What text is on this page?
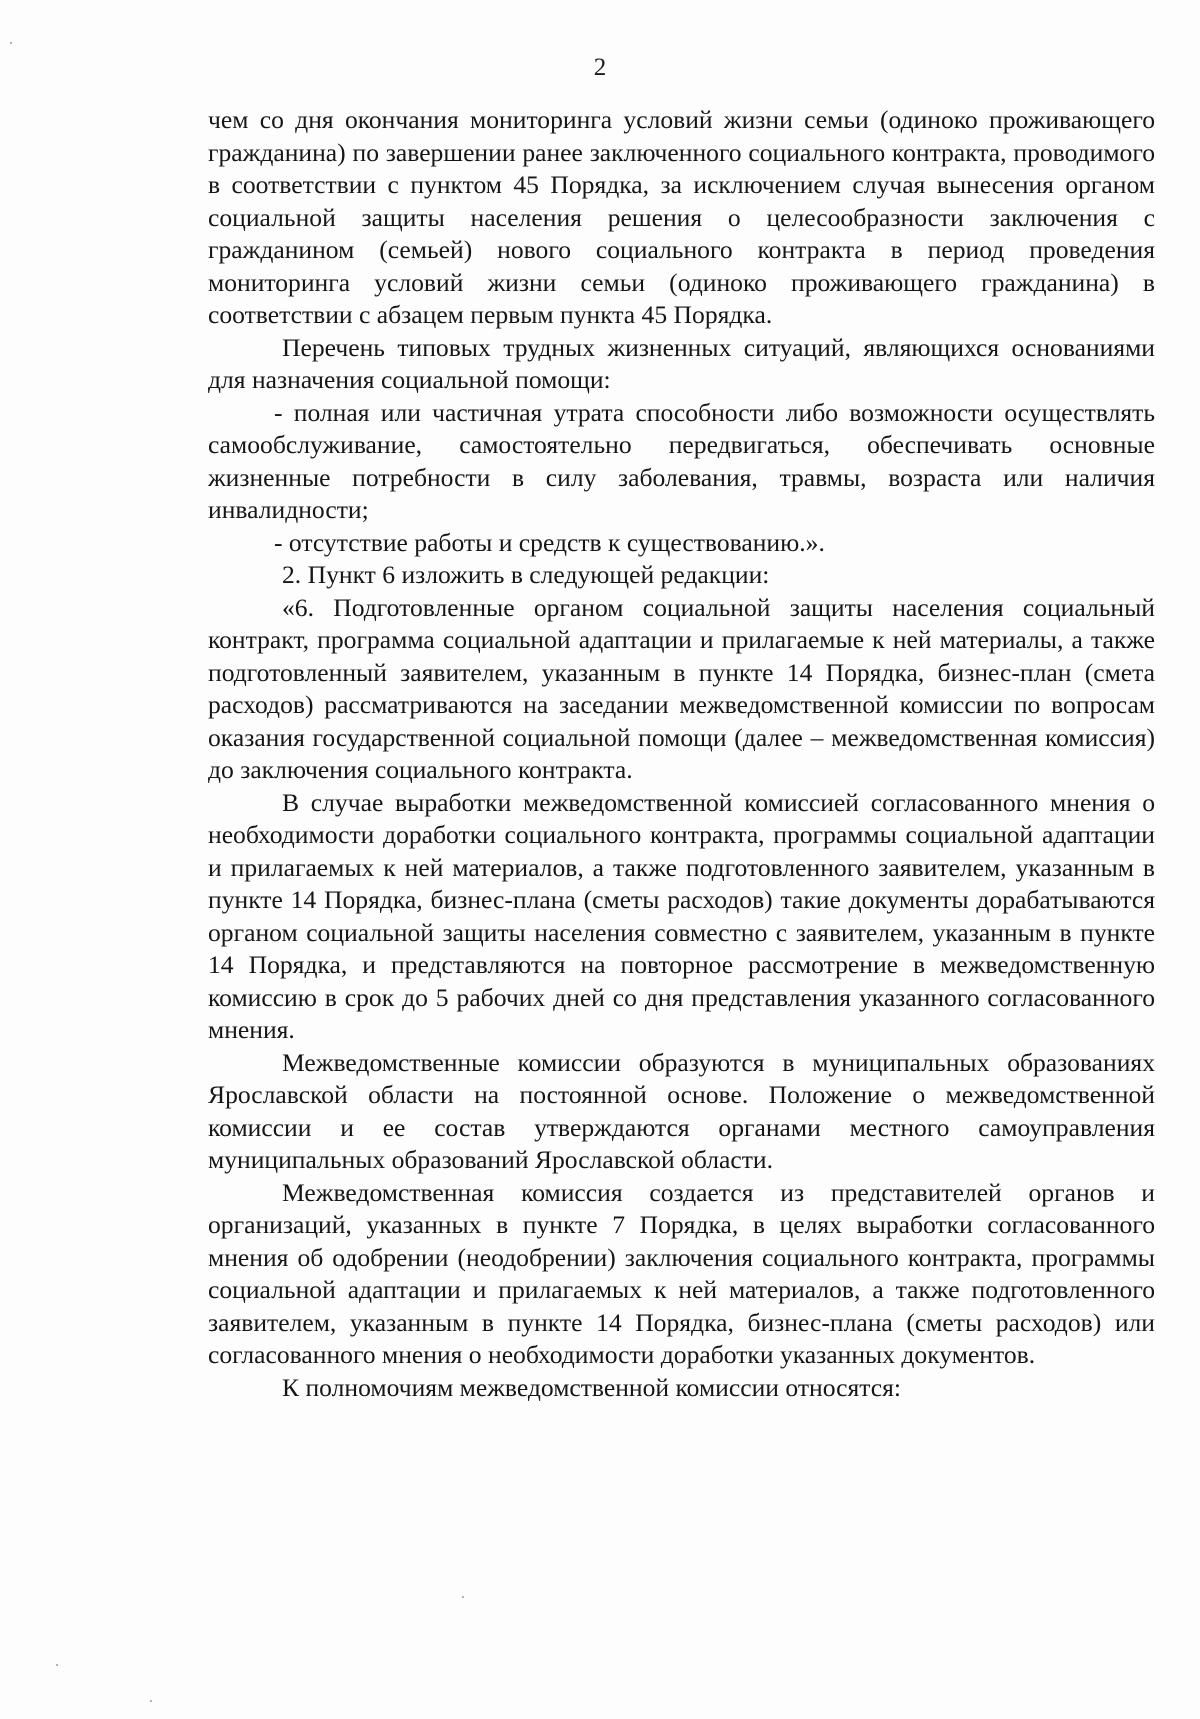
2

чем со дня окончания мониторинга условий жизни семьи (одиноко проживающего гражданина) по завершении ранее заключенного социального контракта, проводимого в соответствии с пунктом 45 Порядка, за исключением случая вынесения органом социальной защиты населения решения о целесообразности заключения с гражданином (семьей) нового социального контракта в период проведения мониторинга условий жизни семьи (одиноко проживающего гражданина) в соответствии с абзацем первым пункта 45 Порядка.

Перечень типовых трудных жизненных ситуаций, являющихся основаниями для назначения социальной помощи:

- полная или частичная утрата способности либо возможности осуществлять самообслуживание, самостоятельно передвигаться, обеспечивать основные жизненные потребности в силу заболевания, травмы, возраста или наличия инвалидности;

- отсутствие работы и средств к существованию.».

2. Пункт 6 изложить в следующей редакции:

«6. Подготовленные органом социальной защиты населения социальный контракт, программа социальной адаптации и прилагаемые к ней материалы, а также подготовленный заявителем, указанным в пункте 14 Порядка, бизнес-план (смета расходов) рассматриваются на заседании межведомственной комиссии по вопросам оказания государственной социальной помощи (далее – межведомственная комиссия) до заключения социального контракта.

В случае выработки межведомственной комиссией согласованного мнения о необходимости доработки социального контракта, программы социальной адаптации и прилагаемых к ней материалов, а также подготовленного заявителем, указанным в пункте 14 Порядка, бизнес-плана (сметы расходов) такие документы дорабатываются органом социальной защиты населения совместно с заявителем, указанным в пункте 14 Порядка, и представляются на повторное рассмотрение в межведомственную комиссию в срок до 5 рабочих дней со дня представления указанного согласованного мнения.

Межведомственные комиссии образуются в муниципальных образованиях Ярославской области на постоянной основе. Положение о межведомственной комиссии и ее состав утверждаются органами местного самоуправления муниципальных образований Ярославской области.

Межведомственная комиссия создается из представителей органов и организаций, указанных в пункте 7 Порядка, в целях выработки согласованного мнения об одобрении (неодобрении) заключения социального контракта, программы социальной адаптации и прилагаемых к ней материалов, а также подготовленного заявителем, указанным в пункте 14 Порядка, бизнес-плана (сметы расходов) или согласованного мнения о необходимости доработки указанных документов.

К полномочиям межведомственной комиссии относятся:
